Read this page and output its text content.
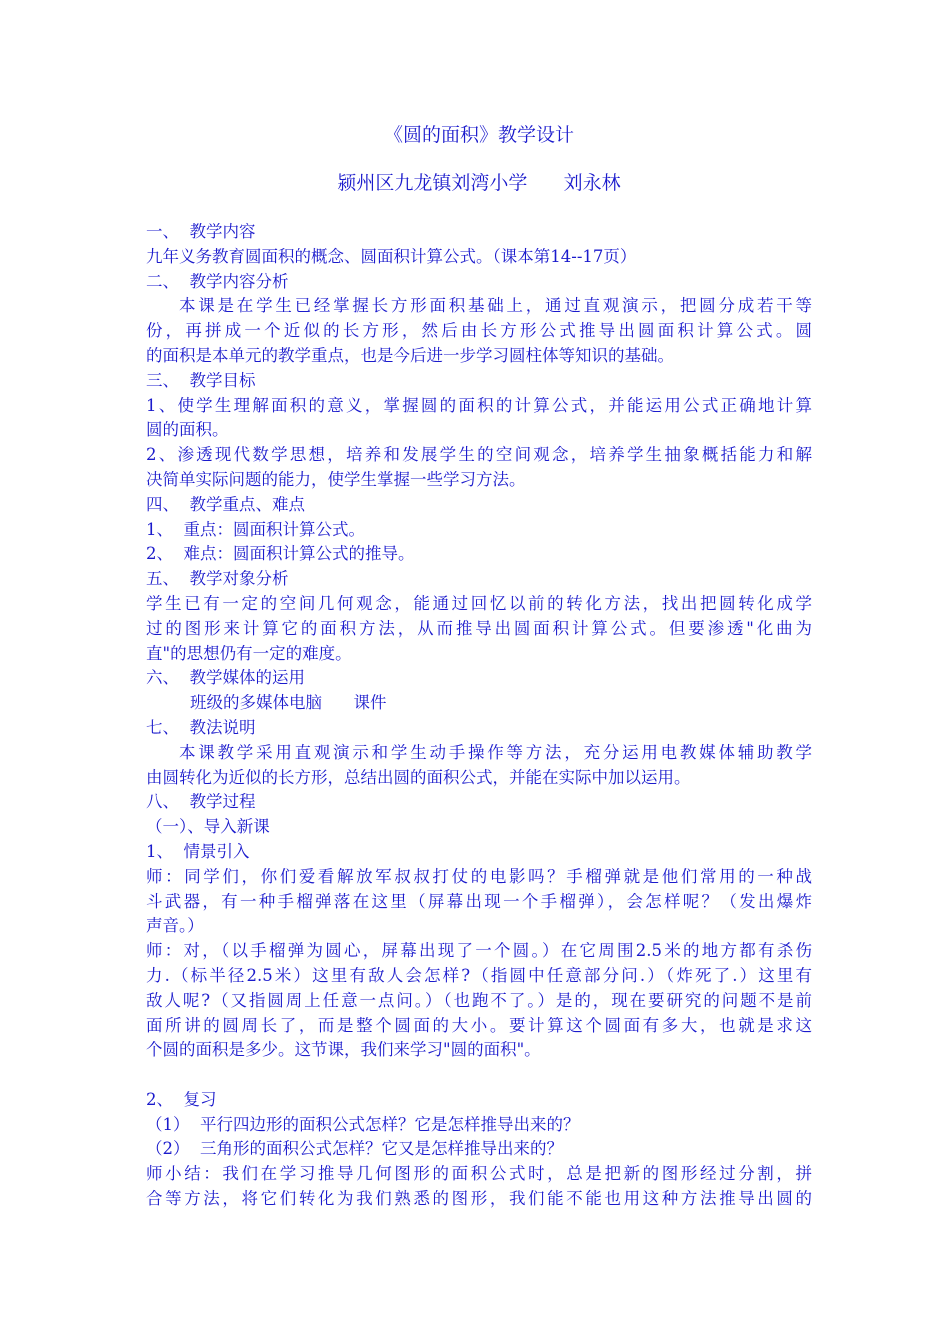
《圆的面积》教学设计
颍州区九龙镇刘湾小学      刘永林
一、  教学内容
九年义务教育圆面积的概念、圆面积计算公式。（课本第14--17页）
二、  教学内容分析
本课是在学生已经掌握长方形面积基础上，通过直观演示，把圆分成若干等
份，再拼成一个近似的长方形，然后由长方形公式推导出圆面积计算公式。圆
的面积是本单元的教学重点，也是今后进一步学习圆柱体等知识的基础。
三、  教学目标
1、使学生理解面积的意义，掌握圆的面积的计算公式，并能运用公式正确地计算
圆的面积。
2、渗透现代数学思想，培养和发展学生的空间观念，培养学生抽象概括能力和解
决简单实际问题的能力，使学生掌握一些学习方法。
四、  教学重点、难点
1、  重点：圆面积计算公式。
2、  难点：圆面积计算公式的推导。
五、  教学对象分析
学生已有一定的空间几何观念，能通过回忆以前的转化方法，找出把圆转化成学
过的图形来计算它的面积方法，从而推导出圆面积计算公式。但要渗透"化曲为
直"的思想仍有一定的难度。
六、  教学媒体的运用
班级的多媒体电脑      课件
七、  教法说明
本课教学采用直观演示和学生动手操作等方法，充分运用电教媒体辅助教学
由圆转化为近似的长方形，总结出圆的面积公式，并能在实际中加以运用。
八、  教学过程
（一）、导入新课
1、  情景引入
师：同学们，你们爱看解放军叔叔打仗的电影吗？手榴弹就是他们常用的一种战
斗武器，有一种手榴弹落在这里（屏幕出现一个手榴弹），会怎样呢？（发出爆炸
声音。）
师：对，（以手榴弹为圆心，屏幕出现了一个圆。）在它周围2.5米的地方都有杀伤
力.（标半径2.5米）这里有敌人会怎样?（指圆中任意部分问.）（炸死了.）这里有
敌人呢?（又指圆周上任意一点问。）（也跑不了。）是的，现在要研究的问题不是前
面所讲的圆周长了，而是整个圆面的大小。要计算这个圆面有多大，也就是求这
个圆的面积是多少。这节课，我们来学习"圆的面积"。
2、  复习
（1）  平行四边形的面积公式怎样？它是怎样推导出来的？
（2）  三角形的面积公式怎样？它又是怎样推导出来的？
师小结：我们在学习推导几何图形的面积公式时，总是把新的图形经过分割，拼
合等方法，将它们转化为我们熟悉的图形，我们能不能也用这种方法推导出圆的
